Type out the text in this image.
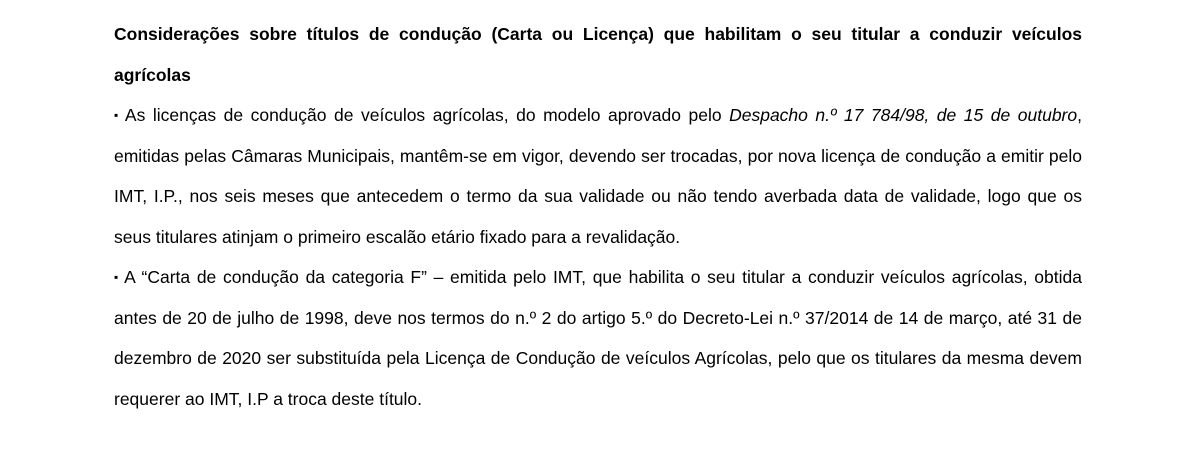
Considerações sobre títulos de condução (Carta ou Licença) que habilitam o seu titular a conduzir veículos agrícolas

▪ As licenças de condução de veículos agrícolas, do modelo aprovado pelo Despacho n.º 17 784/98, de 15 de outubro, emitidas pelas Câmaras Municipais, mantêm-se em vigor, devendo ser trocadas, por nova licença de condução a emitir pelo IMT, I.P., nos seis meses que antecedem o termo da sua validade ou não tendo averbada data de validade, logo que os seus titulares atinjam o primeiro escalão etário fixado para a revalidação.

▪ A “Carta de condução da categoria F” – emitida pelo IMT, que habilita o seu titular a conduzir veículos agrícolas, obtida antes de 20 de julho de 1998, deve nos termos do n.º 2 do artigo 5.º do Decreto-Lei n.º 37/2014 de 14 de março, até 31 de dezembro de 2020 ser substituída pela Licença de Condução de veículos Agrícolas, pelo que os titulares da mesma devem requerer ao IMT, I.P a troca deste título.
